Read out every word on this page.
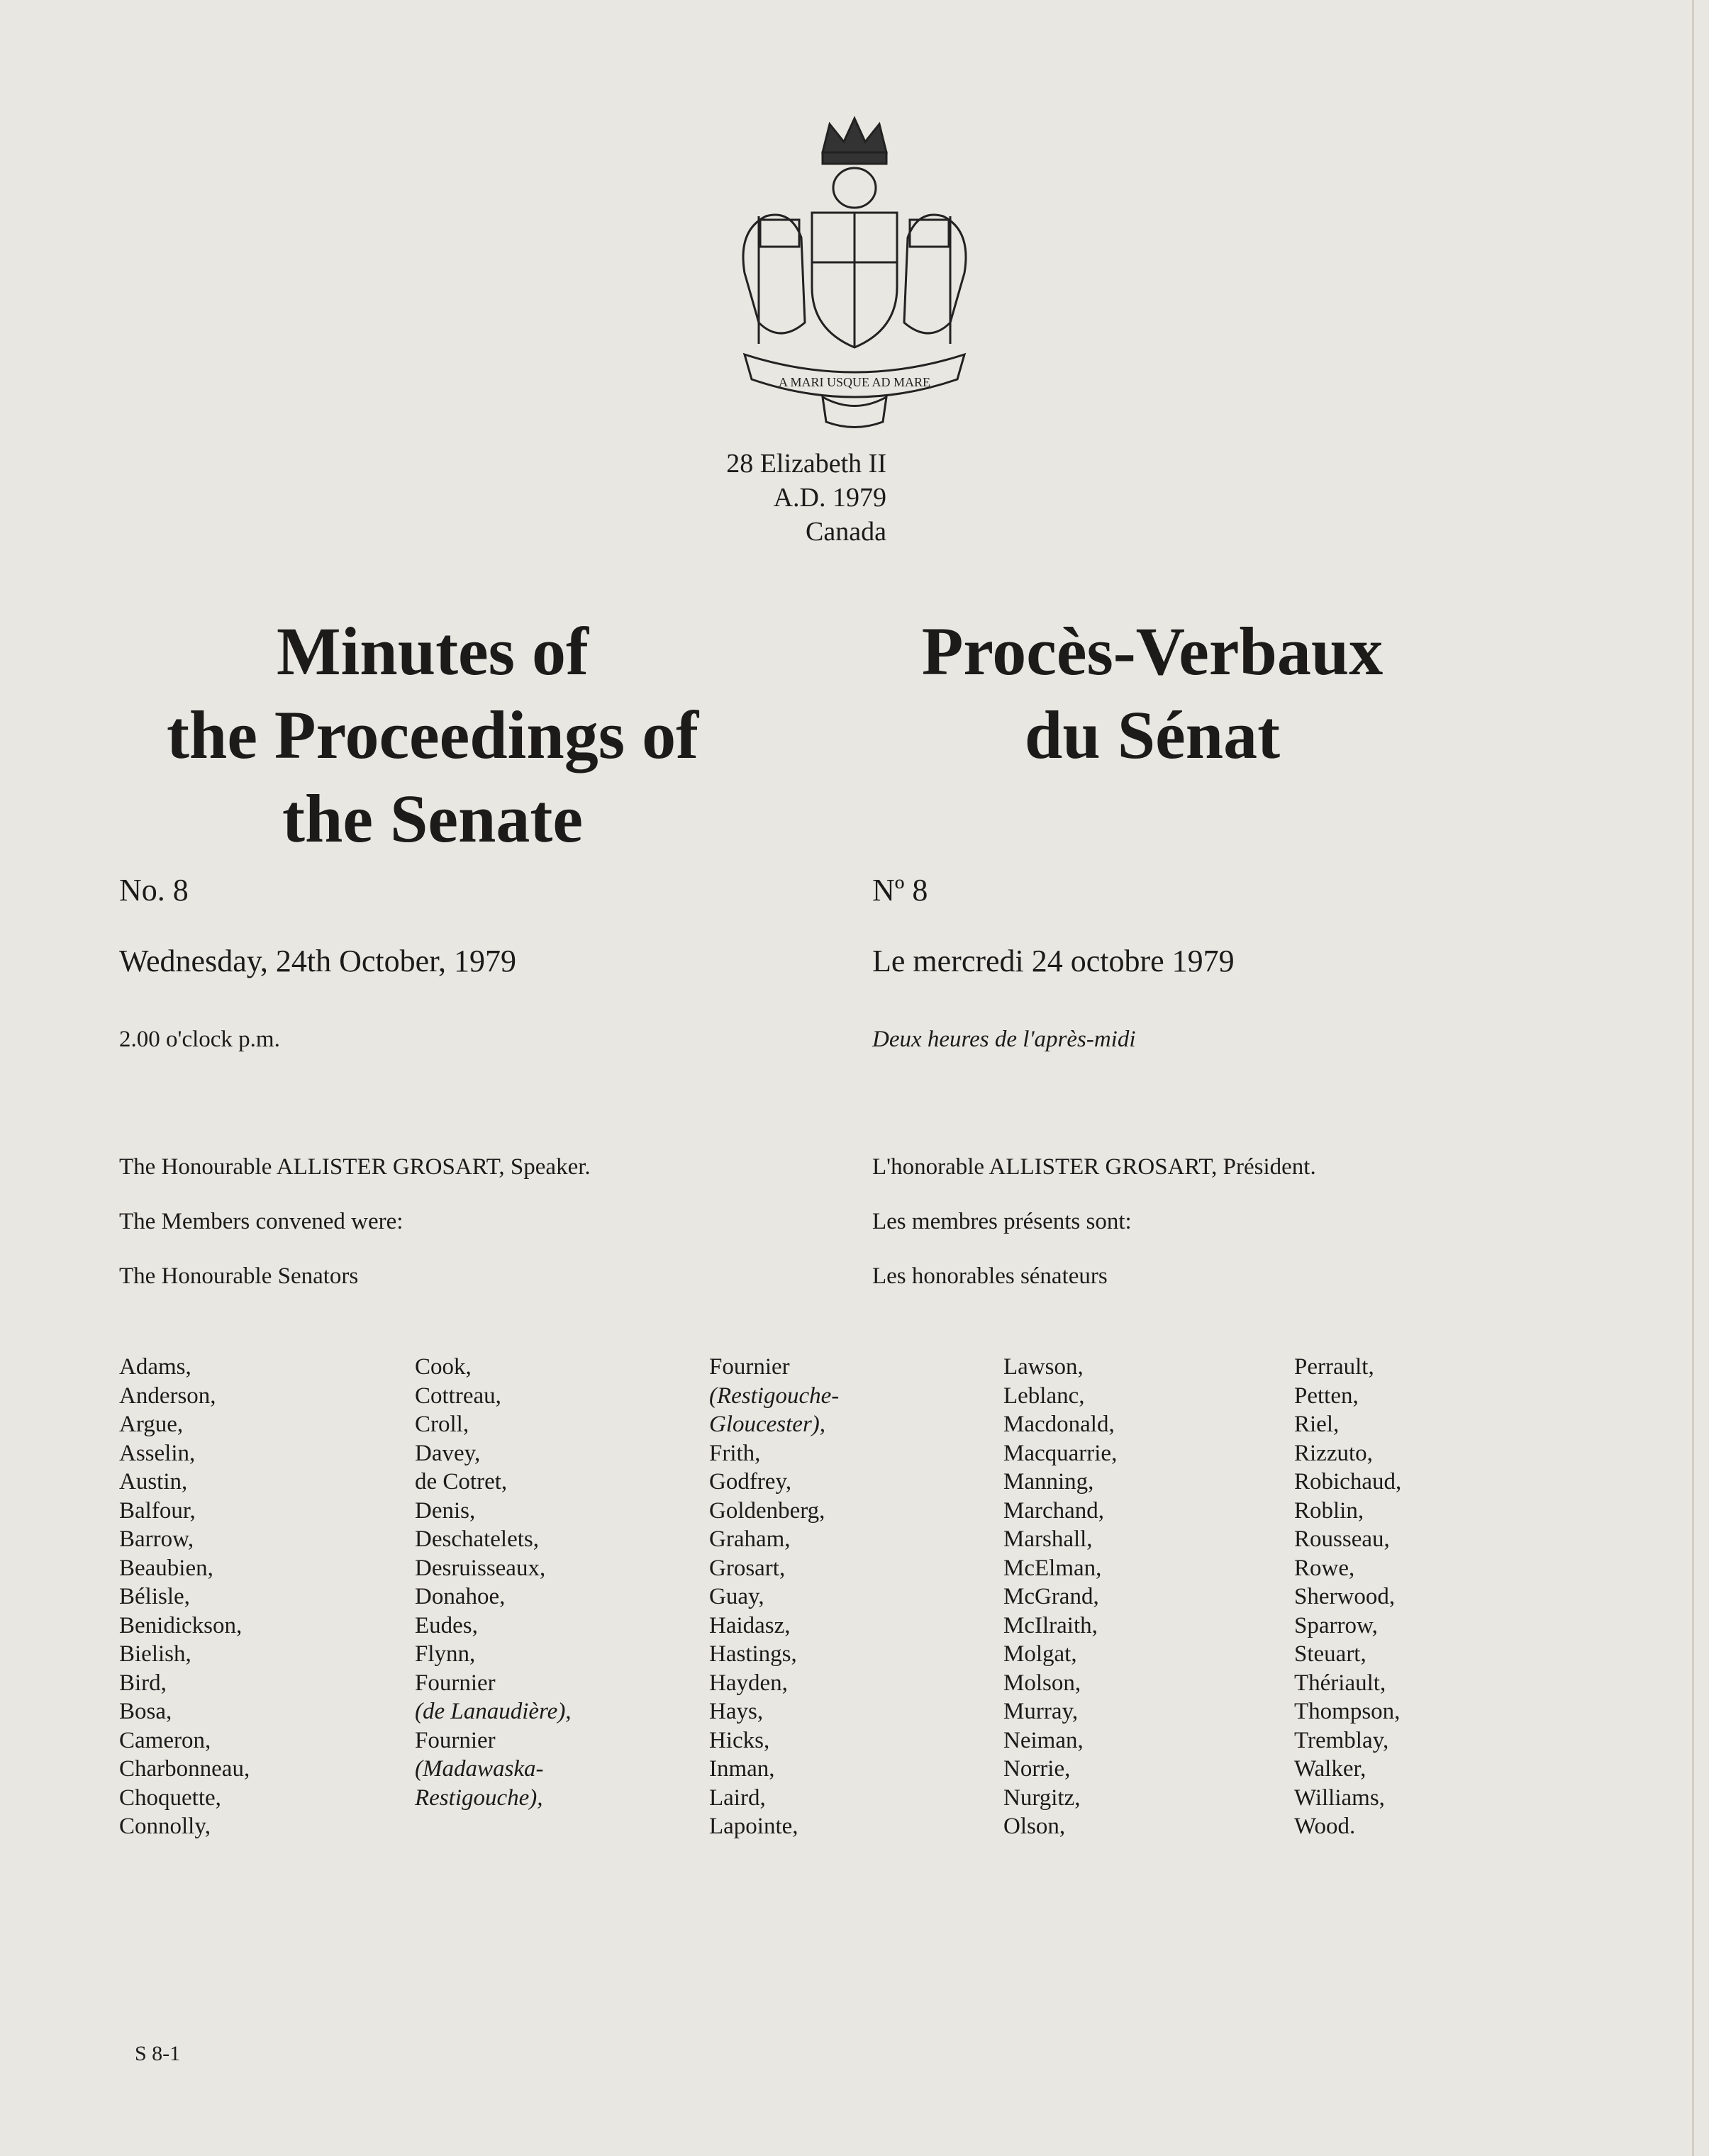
A MARI USQUE AD MARE
28 Elizabeth II
A.D. 1979
Canada
Minutes of
the Proceedings of
the Senate
Procès-Verbaux
du Sénat
No. 8	Nº 8
Wednesday, 24th October, 1979	Le mercredi 24 octobre 1979
2.00 o'clock p.m.	Deux heures de l'après-midi
The Honourable ALLISTER GROSART, Speaker.	L'honorable ALLISTER GROSART, Président.
The Members convened were:	Les membres présents sont:
The Honourable Senators	Les honorables sénateurs
Adams,
Anderson,
Argue,
Asselin,
Austin,
Balfour,
Barrow,
Beaubien,
Bélisle,
Benidickson,
Bielish,
Bird,
Bosa,
Cameron,
Charbonneau,
Choquette,
Connolly,
Cook,
Cottreau,
Croll,
Davey,
de Cotret,
Denis,
Deschatelets,
Desruisseaux,
Donahoe,
Eudes,
Flynn,
Fournier
(de Lanaudière),
Fournier
(Madawaska-
Restigouche),
Fournier
(Restigouche-
Gloucester),
Frith,
Godfrey,
Goldenberg,
Graham,
Grosart,
Guay,
Haidasz,
Hastings,
Hayden,
Hays,
Hicks,
Inman,
Laird,
Lapointe,
Lawson,
Leblanc,
Macdonald,
Macquarrie,
Manning,
Marchand,
Marshall,
McElman,
McGrand,
McIlraith,
Molgat,
Molson,
Murray,
Neiman,
Norrie,
Nurgitz,
Olson,
Perrault,
Petten,
Riel,
Rizzuto,
Robichaud,
Roblin,
Rousseau,
Rowe,
Sherwood,
Sparrow,
Steuart,
Thériault,
Thompson,
Tremblay,
Walker,
Williams,
Wood.
S 8-1
